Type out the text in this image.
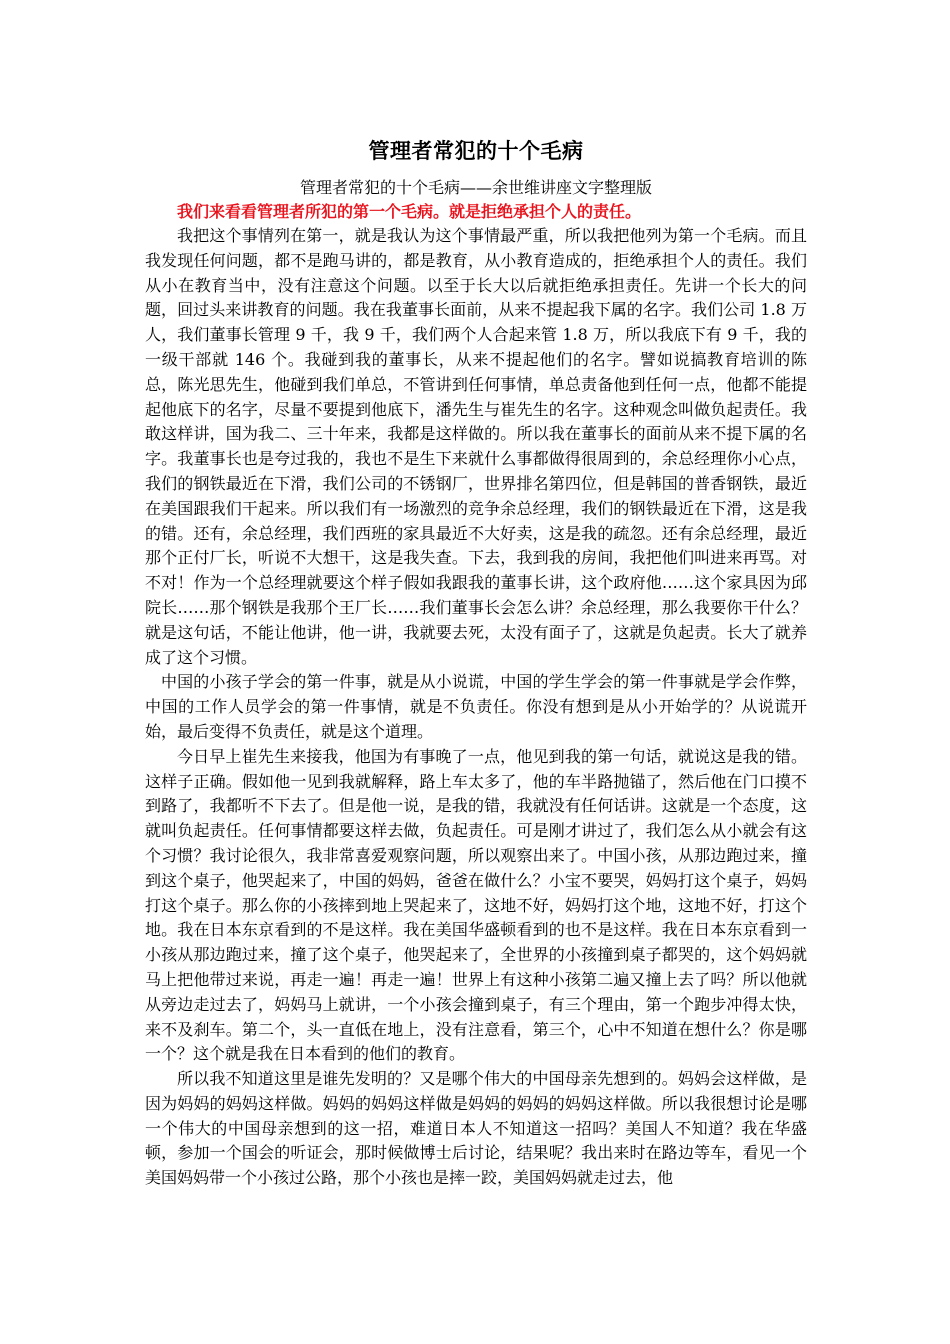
管理者常犯的十个毛病

管理者常犯的十个毛病——余世维讲座文字整理版

我们来看看管理者所犯的第一个毛病。就是拒绝承担个人的责任。

我把这个事情列在第一，就是我认为这个事情最严重，所以我把他列为第一个毛病。而且我发现任何问题，都不是跑马讲的，都是教育，从小教育造成的，拒绝承担个人的责任。我们从小在教育当中，没有注意这个问题。以至于长大以后就拒绝承担责任。先讲一个长大的问题，回过头来讲教育的问题。我在我董事长面前，从来不提起我下属的名字。我们公司 1.8 万人，我们董事长管理 9 千，我 9 千，我们两个人合起来管 1.8 万，所以我底下有 9 千，我的一级干部就 146 个。我碰到我的董事长，从来不提起他们的名字。譬如说搞教育培训的陈总，陈光思先生，他碰到我们单总，不管讲到任何事情，单总责备他到任何一点，他都不能提起他底下的名字，尽量不要提到他底下，潘先生与崔先生的名字。这种观念叫做负起责任。我敢这样讲，国为我二、三十年来，我都是这样做的。所以我在董事长的面前从来不提下属的名字。我董事长也是夸过我的，我也不是生下来就什么事都做得很周到的，余总经理你小心点，我们的钢铁最近在下滑，我们公司的不锈钢厂，世界排名第四位，但是韩国的普香钢铁，最近在美国跟我们干起来。所以我们有一场激烈的竞争余总经理，我们的钢铁最近在下滑，这是我的错。还有，余总经理，我们西班的家具最近不大好卖，这是我的疏忽。还有余总经理，最近那个正付厂长，听说不大想干，这是我失查。下去，我到我的房间，我把他们叫进来再骂。对不对！作为一个总经理就要这个样子假如我跟我的董事长讲，这个政府他……这个家具因为邱院长……那个钢铁是我那个王厂长……我们董事长会怎么讲？余总经理，那么我要你干什么？就是这句话，不能让他讲，他一讲，我就要去死，太没有面子了，这就是负起责。长大了就养成了这个习惯。

中国的小孩子学会的第一件事，就是从小说谎，中国的学生学会的第一件事就是学会作弊，中国的工作人员学会的第一件事情，就是不负责任。你没有想到是从小开始学的？从说谎开始，最后变得不负责任，就是这个道理。

今日早上崔先生来接我，他国为有事晚了一点，他见到我的第一句话，就说这是我的错。这样子正确。假如他一见到我就解释，路上车太多了，他的车半路抛锚了，然后他在门口摸不到路了，我都听不下去了。但是他一说，是我的错，我就没有任何话讲。这就是一个态度，这就叫负起责任。任何事情都要这样去做，负起责任。可是刚才讲过了，我们怎么从小就会有这个习惯？我讨论很久，我非常喜爱观察问题，所以观察出来了。中国小孩，从那边跑过来，撞到这个桌子，他哭起来了，中国的妈妈，爸爸在做什么？小宝不要哭，妈妈打这个桌子，妈妈打这个桌子。那么你的小孩摔到地上哭起来了，这地不好，妈妈打这个地，这地不好，打这个地。我在日本东京看到的不是这样。我在美国华盛顿看到的也不是这样。我在日本东京看到一小孩从那边跑过来，撞了这个桌子，他哭起来了，全世界的小孩撞到桌子都哭的，这个妈妈就马上把他带过来说，再走一遍！再走一遍！世界上有这种小孩第二遍又撞上去了吗？所以他就从旁边走过去了，妈妈马上就讲，一个小孩会撞到桌子，有三个理由，第一个跑步冲得太快，来不及刹车。第二个，头一直低在地上，没有注意看，第三个，心中不知道在想什么？你是哪一个？这个就是我在日本看到的他们的教育。

所以我不知道这里是谁先发明的？又是哪个伟大的中国母亲先想到的。妈妈会这样做，是因为妈妈的妈妈这样做。妈妈的妈妈这样做是妈妈的妈妈的妈妈这样做。所以我很想讨论是哪一个伟大的中国母亲想到的这一招，难道日本人不知道这一招吗？美国人不知道？我在华盛顿，参加一个国会的听证会，那时候做博士后讨论，结果呢？我出来时在路边等车，看见一个美国妈妈带一个小孩过公路，那个小孩也是摔一跤，美国妈妈就走过去，他
